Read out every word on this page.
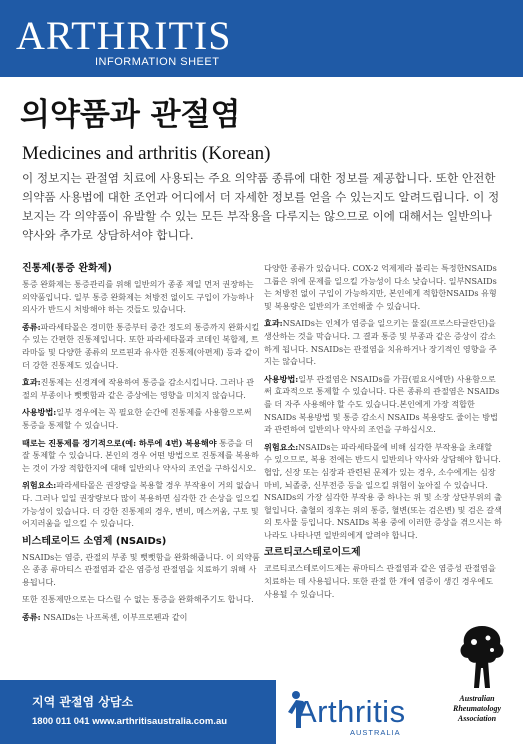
ARTHRITIS
INFORMATION SHEET
의약품과 관절염
Medicines and arthritis (Korean)
이 정보지는 관절염 치료에 사용되는 주요 의약품 종류에 대한 정보를 제공합니다. 또한 안전한 의약품 사용법에 대한 조언과 어디에서 더 자세한 정보를 얻을 수 있는지도 알려드립니다. 이 정보지는 각 의약품이 유발할 수 있는 모든 부작용을 다루지는 않으므로 이에 대해서는 일반의나 약사와 추가로 상담하셔야 합니다.
진통제(통증 완화제)

통증 완화제는 통증관리를 위해 일반의가 종종 제일 먼저 권장하는 의약품입니다. 일부 통증 완화제는 처방전 없이도 구입이 가능하나 의사가 반드시 처방해야 하는 것들도 있습니다.

종류:파라세타몰은 경미한 통증부터 중간 정도의 통증까지 완화시킬 수 있는 간편한 진통제입니다. 또한 파라세타몰과 코데인 복합제, 트라마돌 및 다양한 종류의 모르핀과 유사한 진통제(아편제) 등과 같이 더 강한 진통제도 있습니다.

효과:진통제는 신경계에 작용하여 통증을 감소시킵니다. 그러나 관절의 부종이나 뻣뻣함과 같은 증상에는 영향을 미치지 않습니다.

사용방법:일부 경우에는 꼭 필요한 순간에 진통제를 사용함으로써 통증을 통제할 수 있습니다.

때로는 진통제를 정기적으로(예: 하루에 4번) 복용해야 통증을 더 잘 통제할 수 있습니다. 본인의 경우 어떤 방법으로 진통제를 복용하는 것이 가장 적합한지에 대해 일반의나 약사의 조언을 구하십시오.

위험요소:파라세타몰은 권장량을 복용할 경우 부작용이 거의 없습니다. 그러나 일일 권장량보다 많이 복용하면 심각한 간 손상을 일으킬 가능성이 있습니다. 더 강한 진통제의 경우, 변비, 메스꺼움, 구토 및 어지러움을 일으킬 수 있습니다.

비스테로이드 소염제 (NSAIDs)

NSAIDs는 염증, 관절의 부종 및 뻣뻣함을 완화해줍니다. 이 의약품은 종종 류마티스 관절염과 같은 염증성 관절염을 치료하기 위해 사용됩니다.

또한 진통제만으로는 다스릴 수 없는 통증을 완화해주기도 합니다.

종류: NSAIDs는 나프록센, 이부프로펜과 같이

다양한 종류가 있습니다. COX-2 억제제라 불리는 특정한NSAIDs 그룹은 위에 문제를 일으킬 가능성이 다소 낮습니다. 일부NSAIDs는 처방전 없이 구입이 가능하지만, 본인에게 적합한NSAIDs 유형 및 복용량은 일반의가 조언해줄 수 있습니다.

효과:NSAIDs는 인체가 염증을 일으키는 물질(프로스타글란딘)을 생산하는 것을 막습니다. 그 결과 통증 및 부종과 같은 증상이 감소하게 됩니다. NSAIDs는 관절염을 치유하거나 장기적인 영향을 주지는 않습니다.

사용방법:일부 관절염은 NSAIDs를 가끔(필요시에만) 사용함으로써 효과적으로 통제할 수 있습니다. 다른 종류의 관절염은 NSAIDs를 더 자주 사용해야 할 수도 있습니다.본인에게 가장 적합한 NSAIDs 복용방법 및 통증 감소시 NSAIDs 복용량도 줄이는 방법과 관련하여 일반의나 약사의 조언을 구하십시오.

위험요소:NSAIDs는 파라세타몰에 비해 심각한 부작용을 초래할 수 있으므로, 복용 전에는 반드시 일반의나 약사와 상담해야 합니다. 협압, 신장 또는 심장과 관련된 문제가 있는 경우, 소수에게는 심장마비, 뇌졸중, 신부전증 등을 일으킬 위험이 높아질 수 있습니다. NSAIDs의 가장 심각한 부작용 중 하나는 위 및 소장 상단부위의 출혈입니다. 출혈의 징후는 위의 통증, 혈변(또는 검은변) 및 검은 갈색의 토사물 등입니다. NSAIDs 복용 중에 이러한 증상을 겪으시는 하나라도 나타나면 일반의에게 알려야 합니다.

코르티코스테로이드제

코르티코스테로이드제는 류마티스 관절염과 같은 염증성 관절염을 치료하는 데 사용됩니다. 또한 관절 한 개에 염증이 생긴 경우에도 사용될 수 있습니다.

지역 관절염 상담소
1800 011 041 www.arthritisaustralia.com.au Arthritis
AUSTRALIA
Australian
Rheumatology
Association
